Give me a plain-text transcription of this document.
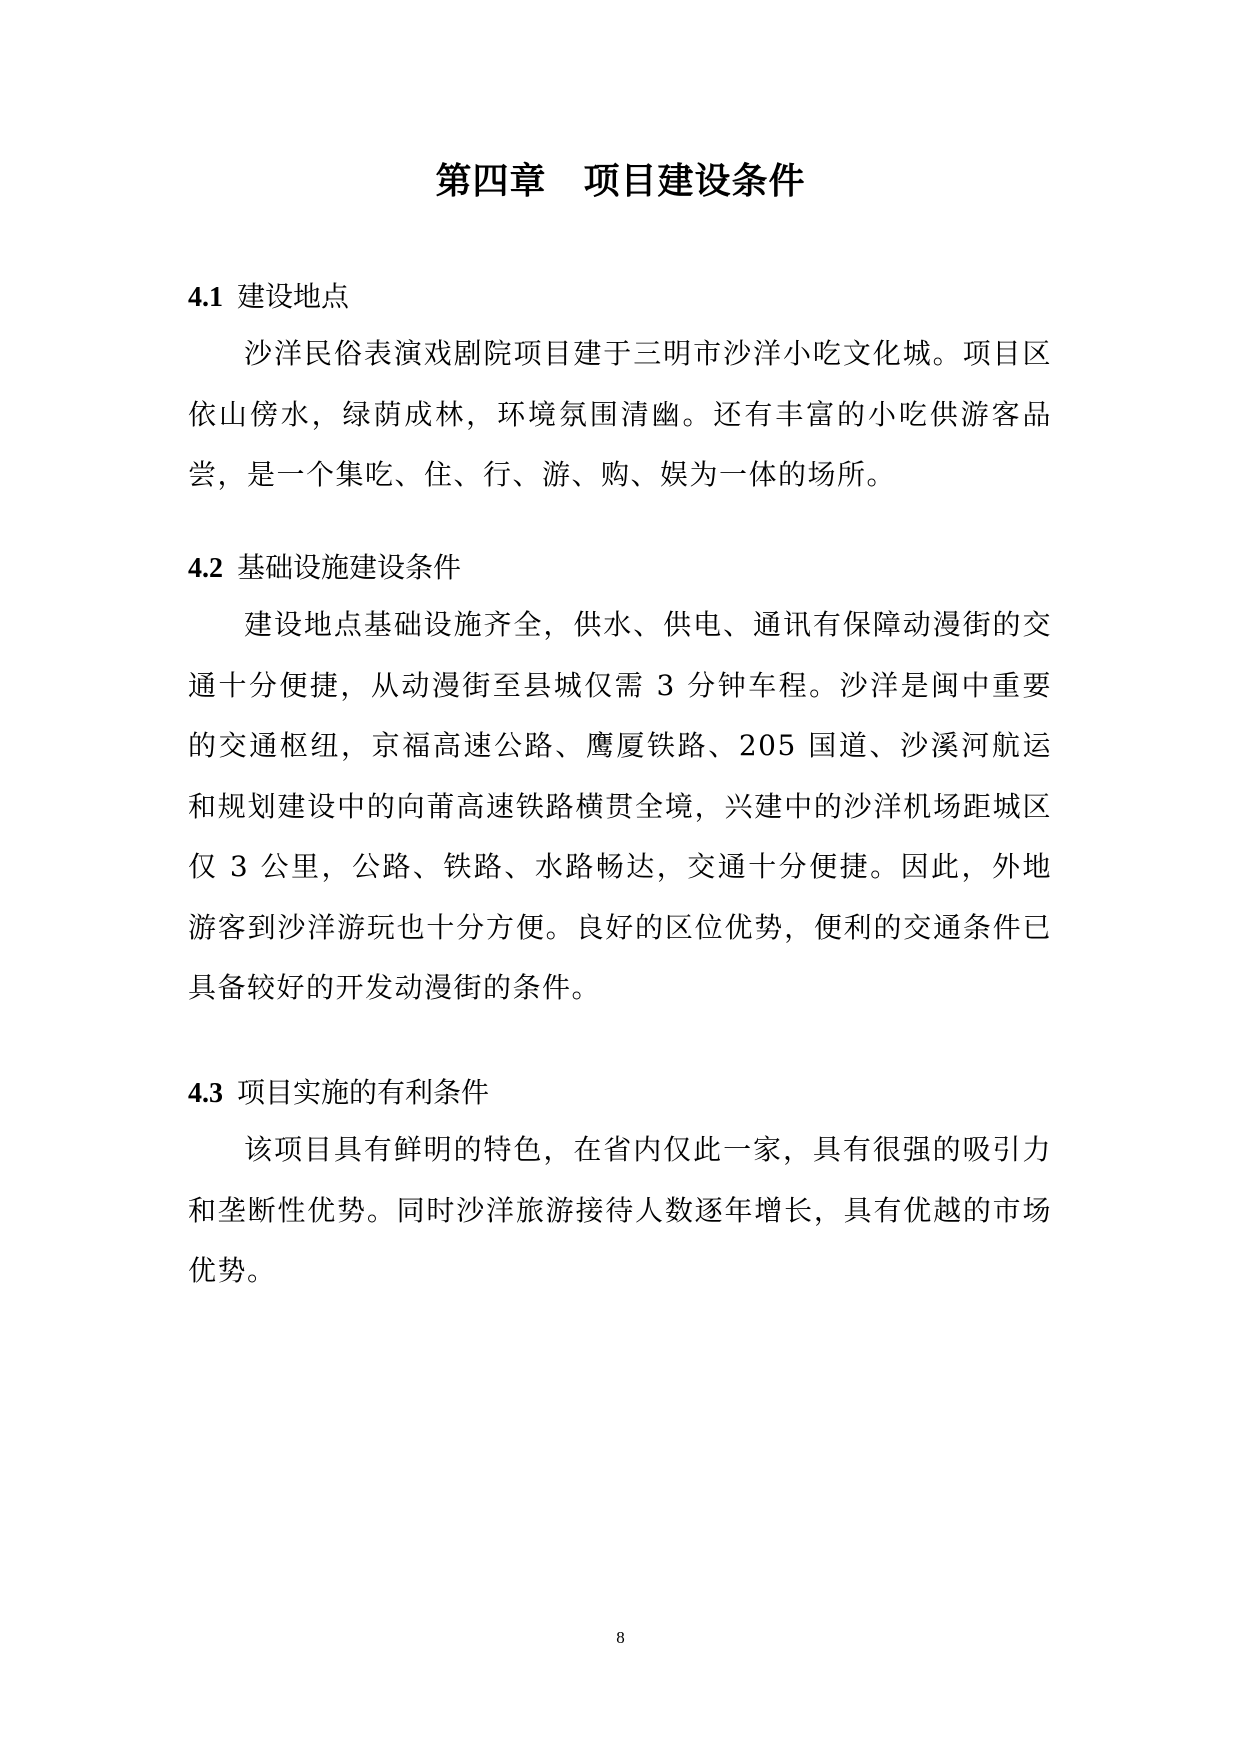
第四章　项目建设条件
4.1 建设地点

沙洋民俗表演戏剧院项目建于三明市沙洋小吃文化城。项目区依山傍水，绿荫成林，环境氛围清幽。还有丰富的小吃供游客品尝，是一个集吃、住、行、游、购、娱为一体的场所。

4.2 基础设施建设条件

建设地点基础设施齐全，供水、供电、通讯有保障动漫街的交通十分便捷，从动漫街至县城仅需 3 分钟车程。沙洋是闽中重要的交通枢纽，京福高速公路、鹰厦铁路、205 国道、沙溪河航运和规划建设中的向莆高速铁路横贯全境，兴建中的沙洋机场距城区仅 3 公里，公路、铁路、水路畅达，交通十分便捷。因此，外地游客到沙洋游玩也十分方便。良好的区位优势，便利的交通条件已具备较好的开发动漫街的条件。

4.3 项目实施的有利条件

该项目具有鲜明的特色，在省内仅此一家，具有很强的吸引力和垄断性优势。同时沙洋旅游接待人数逐年增长，具有优越的市场优势。

8
